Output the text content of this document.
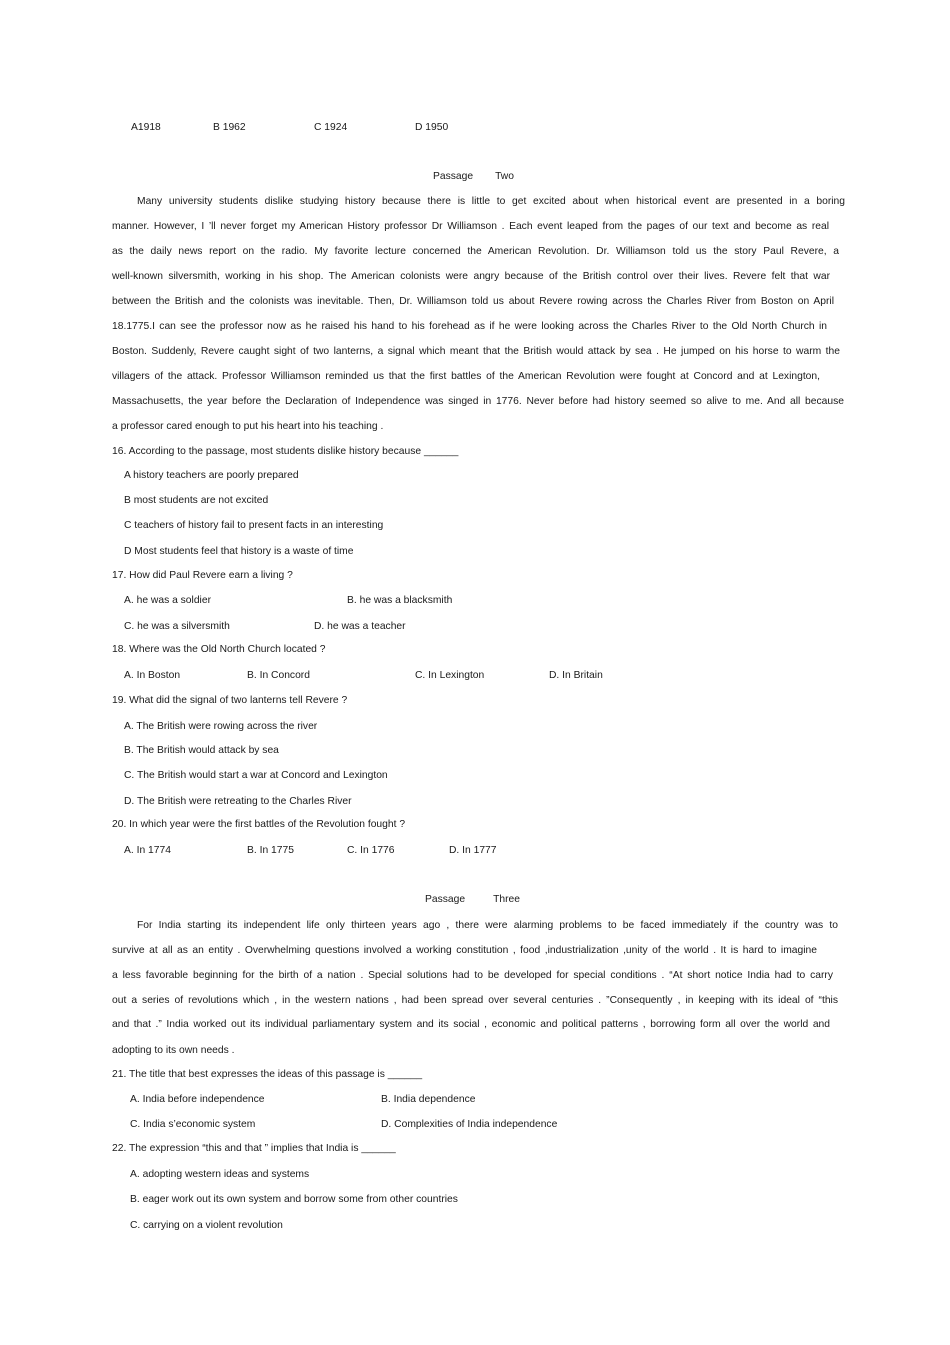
A1918	B 1962	C 1924	D 1950
Passage Two
Many university students dislike studying history because there is little to get excited about when historical event are presented in a boring
manner. However, I ’ll never forget my American History professor Dr Williamson . Each event leaped from the pages of our text and become as real
as the daily news report on the radio. My favorite lecture concerned the American Revolution. Dr. Williamson told us the story Paul Revere, a
well-known silversmith, working in his shop. The American colonists were angry because of the British control over their lives. Revere felt that war
between the British and the colonists was inevitable. Then, Dr. Williamson told us about Revere rowing across the Charles River from Boston on April
18.1775.I can see the professor now as he raised his hand to his forehead as if he were looking across the Charles River to the Old North Church in
Boston. Suddenly, Revere caught sight of two lanterns, a signal which meant that the British would attack by sea . He jumped on his horse to warm the
villagers of the attack. Professor Williamson reminded us that the first battles of the American Revolution were fought at Concord and at Lexington,
Massachusetts, the year before the Declaration of Independence was singed in 1776. Never before had history seemed so alive to me. And all because
a professor cared enough to put his heart into his teaching .
16. According to the passage, most students dislike history because ______
A history teachers are poorly prepared
B most students are not excited
C teachers of history fail to present facts in an interesting
D Most students feel that history is a waste of time
17. How did Paul Revere earn a living ?
A. he was a soldier	B. he was a blacksmith
C. he was a silversmith	D. he was a teacher
18. Where was the Old North Church located ?
A. In Boston	B. In Concord	C. In Lexington	D. In Britain
19. What did the signal of two lanterns tell Revere ?
A. The British were rowing across the river
B. The British would attack by sea
C. The British would start a war at Concord and Lexington
D. The British were retreating to the Charles River
20. In which year were the first battles of the Revolution fought ?
A. In 1774	B. In 1775	C. In 1776	D. In 1777
Passage	Three
For India starting its independent life only thirteen years ago , there were alarming problems to be faced immediately if the country was to
survive at all as an entity . Overwhelming questions involved a working constitution , food ,industrialization ,unity of the world . It is hard to imagine
a less favorable beginning for the birth of a nation . Special solutions had to be developed for special conditions . “At short notice India had to carry
out a series of revolutions which , in the western nations , had been spread over several centuries . ”Consequently , in keeping with its ideal of “this
and that .” India worked out its individual parliamentary system and its social , economic and political patterns , borrowing form all over the world and
adopting to its own needs .
21. The title that best expresses the ideas of this passage is ______
A. India before independence	B. India dependence
C. India s’economic system	D. Complexities of India independence
22. The expression “this and that ” implies that India is ______
A. adopting western ideas and systems
B. eager work out its own system and borrow some from other countries
C. carrying on a violent revolution
